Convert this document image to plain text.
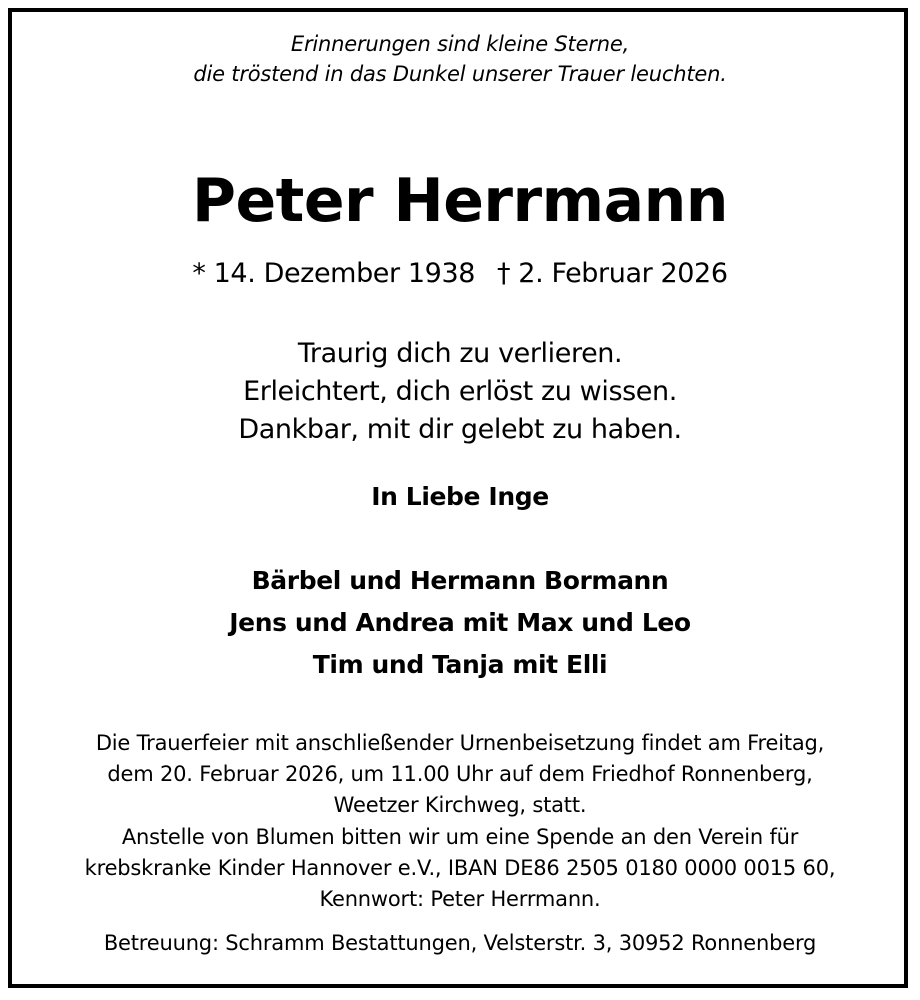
Erinnerungen sind kleine Sterne,
die tröstend in das Dunkel unserer Trauer leuchten.
Peter Herrmann
* 14. Dezember 1938 † 2. Februar 2026
Traurig dich zu verlieren.
Erleichtert, dich erlöst zu wissen.
Dankbar, mit dir gelebt zu haben.
In Liebe Inge
Bärbel und Hermann Bormann
Jens und Andrea mit Max und Leo
Tim und Tanja mit Elli
Die Trauerfeier mit anschließender Urnenbeisetzung findet am Freitag,
dem 20. Februar 2026, um 11.00 Uhr auf dem Friedhof Ronnenberg,
Weetzer Kirchweg, statt.
Anstelle von Blumen bitten wir um eine Spende an den Verein für
krebskranke Kinder Hannover e.V., IBAN DE86 2505 0180 0000 0015 60,
Kennwort: Peter Herrmann.
Betreuung: Schramm Bestattungen, Velsterstr. 3, 30952 Ronnenberg
